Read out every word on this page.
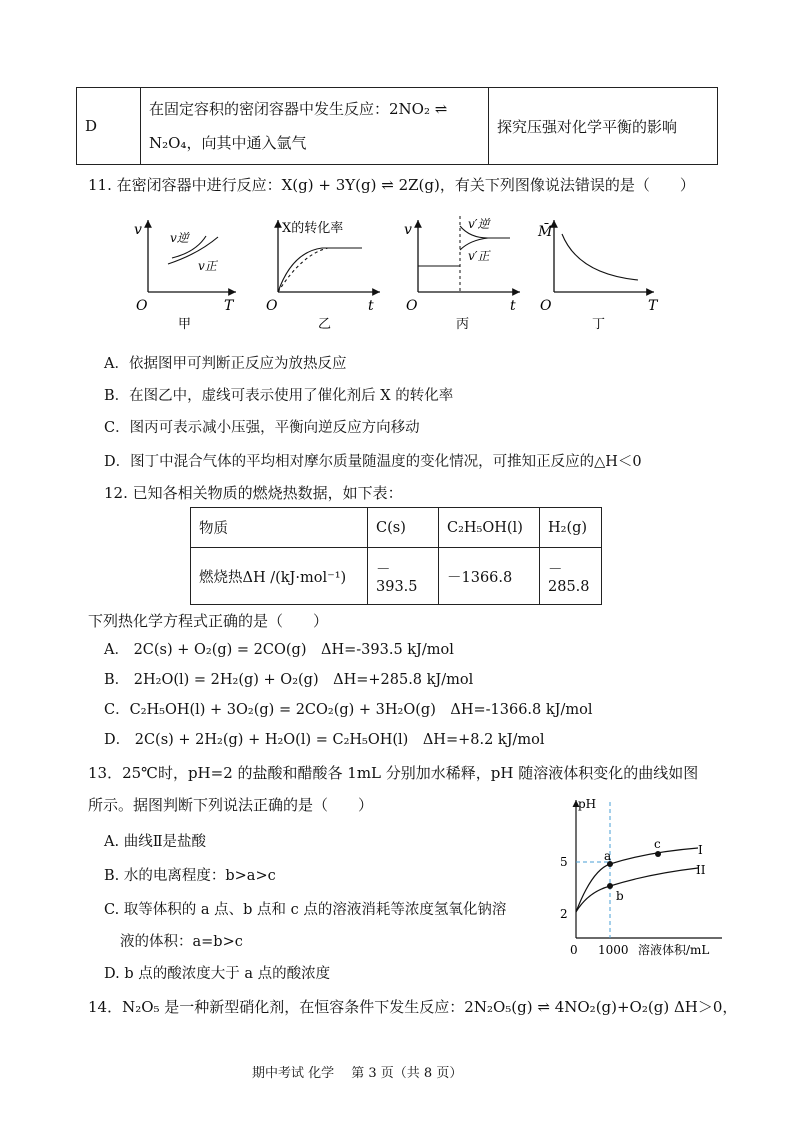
D	
在固定容积的密闭容器中发生反应：2NO₂ ⇌
N₂O₄，向其中通入氩气
	探究压强对化学平衡的影响
11. 在密闭容器中进行反应：X(g) + 3Y(g) ⇌ 2Z(g)，有关下列图像说法错误的是（　　）
v v逆
v正
O	T
甲
X的转化率
O	t
乙
v	v′逆
v′正
O	t
丙
M̄
O	T
丁
A．依据图甲可判断正反应为放热反应
B．在图乙中，虚线可表示使用了催化剂后 X 的转化率
C．图丙可表示减小压强，平衡向逆反应方向移动
D．图丁中混合气体的平均相对摩尔质量随温度的变化情况，可推知正反应的△H＜0
12. 已知各相关物质的燃烧热数据，如下表：
物质	C(s)	C₂H₅OH(l)	H₂(g)
燃烧热ΔH /(kJ·mol⁻¹)	－393.5	－1366.8	－285.8
下列热化学方程式正确的是（　　）
A． 2C(s) + O₂(g) = 2CO(g)　ΔH=-393.5 kJ/mol
B． 2H₂O(l) = 2H₂(g) + O₂(g)　ΔH=+285.8 kJ/mol
C．C₂H₅OH(l) + 3O₂(g) = 2CO₂(g) + 3H₂O(g)　ΔH=-1366.8 kJ/mol
D． 2C(s) + 2H₂(g) + H₂O(l) = C₂H₅OH(l)　ΔH=+8.2 kJ/mol
13．25℃时，pH=2 的盐酸和醋酸各 1mL 分别加水稀释，pH 随溶液体积变化的曲线如图
所示。据图判断下列说法正确的是（　　）
A. 曲线Ⅱ是盐酸
B. 水的电离程度：b>a>c
C. 取等体积的 a 点、b 点和 c 点的溶液消耗等浓度氢氧化钠溶
液的体积：a=b>c
D. b 点的酸浓度大于 a 点的酸浓度
pH
5
2
0 1000 溶液体积/mL
a
b
c	I
II
14．N₂O₅ 是一种新型硝化剂，在恒容条件下发生反应：2N₂O₅(g) ⇌ 4NO₂(g)+O₂(g) ΔH＞0，
期中考试 化学　 第 3 页（共 8 页）
